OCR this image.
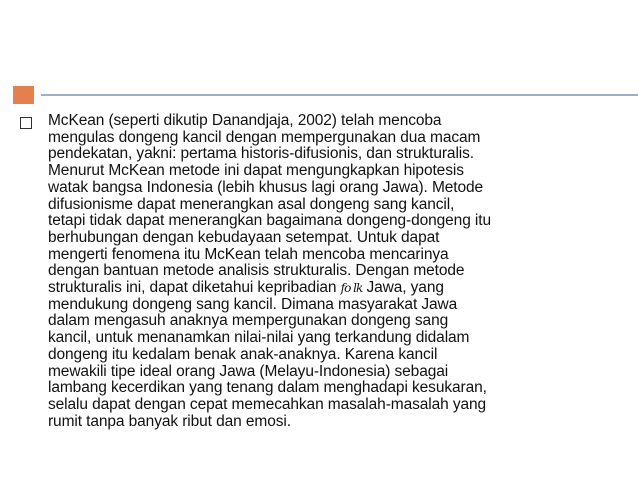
McKean (seperti dikutip Danandjaja, 2002) telah mencoba
mengulas dongeng kancil dengan mempergunakan dua macam
pendekatan, yakni: pertama historis-difusionis, dan strukturalis.
Menurut McKean metode ini dapat mengungkapkan hipotesis
watak bangsa Indonesia (lebih khusus lagi orang Jawa). Metode
difusionisme dapat menerangkan asal dongeng sang kancil,
tetapi tidak dapat menerangkan bagaimana dongeng-dongeng itu
berhubungan dengan kebudayaan setempat. Untuk dapat
mengerti fenomena itu McKean telah mencoba mencarinya
dengan bantuan metode analisis strukturalis. Dengan metode
strukturalis ini, dapat diketahui kepribadian fo lk Jawa, yang
mendukung dongeng sang kancil. Dimana masyarakat Jawa
dalam mengasuh anaknya mempergunakan dongeng sang
kancil, untuk menanamkan nilai-nilai yang terkandung didalam
dongeng itu kedalam benak anak-anaknya. Karena kancil
mewakili tipe ideal orang Jawa (Melayu-Indonesia) sebagai
lambang kecerdikan yang tenang dalam menghadapi kesukaran,
selalu dapat dengan cepat memecahkan masalah-masalah yang
rumit tanpa banyak ribut dan emosi.
